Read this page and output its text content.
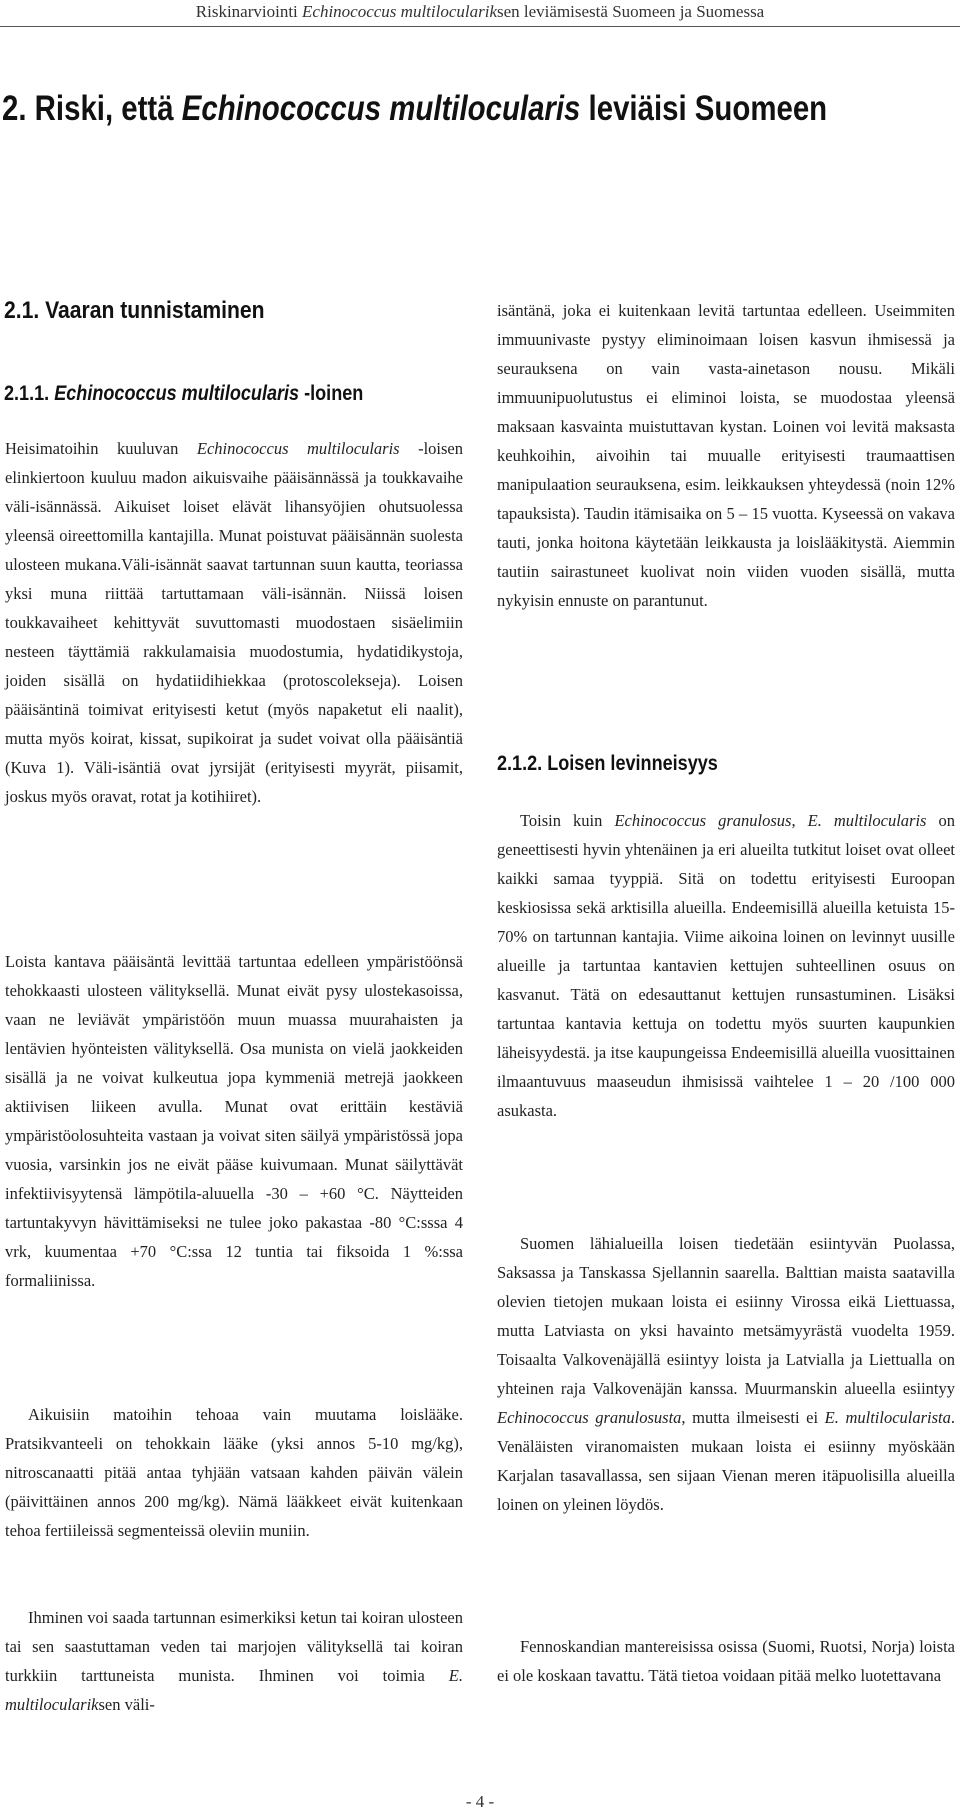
Riskinarviointi Echinococcus multiloculariksen leviämisestä Suomeen ja Suomessa
2. Riski, että Echinococcus multilocularis leviäisi Suomeen
2.1. Vaaran tunnistaminen
2.1.1. Echinococcus multilocularis -loinen

Heisimatoihin kuuluvan Echinococcus multilocularis -loisen elinkiertoon kuuluu madon aikuisvaihe pääisännässä ja toukkavaihe väli-isännässä. Aikuiset loiset elävät lihansyöjien ohutsuolessa yleensä oireettomilla kantajilla. Munat poistuvat pääisännän suolesta ulosteen mukana.Väli-isännät saavat tartunnan suun kautta, teoriassa yksi muna riittää tartuttamaan väli-isännän. Niissä loisen toukkavaiheet kehittyvät suvuttomasti muodostaen sisäelimiin nesteen täyttämiä rakkulamaisia muodostumia, hydatidikystoja, joiden sisällä on hydatiidihiekkaa (protoscolekseja). Loisen pääisäntinä toimivat erityisesti ketut (myös napaketut eli naalit), mutta myös koirat, kissat, supikoirat ja sudet voivat olla pääisäntiä (Kuva 1). Väli-isäntiä ovat jyrsijät (erityisesti myyrät, piisamit, joskus myös oravat, rotat ja kotihiiret).

Loista kantava pääisäntä levittää tartuntaa edelleen ympäristöönsä tehokkaasti ulosteen välityksellä. Munat eivät pysy ulostekasoissa, vaan ne leviävät ympäristöön muun muassa muurahaisten ja lentävien hyönteisten välityksellä. Osa munista on vielä jaokkeiden sisällä ja ne voivat kulkeutua jopa kymmeniä metrejä jaokkeen aktiivisen liikeen avulla. Munat ovat erittäin kestäviä ympäristöolosuhteita vastaan ja voivat siten säilyä ympäristössä jopa vuosia, varsinkin jos ne eivät pääse kuivumaan. Munat säilyttävät infektiivisyytensä lämpötila-aluuella -30 – +60 °C. Näytteiden tartuntakyvyn hävittämiseksi ne tulee joko pakastaa -80 °C:sssa 4 vrk, kuumentaa +70 °C:ssa 12 tuntia tai fiksoida 1 %:ssa formaliinissa.

Aikuisiin matoihin tehoaa vain muutama loislääke. Pratsikvanteeli on tehokkain lääke (yksi annos 5-10 mg/kg), nitroscanaatti pitää antaa tyhjään vatsaan kahden päivän välein (päivittäinen annos 200 mg/kg). Nämä lääkkeet eivät kuitenkaan tehoa fertiileissä segmenteissä oleviin muniin.

Ihminen voi saada tartunnan esimerkiksi ketun tai koiran ulosteen tai sen saastuttaman veden tai marjojen välityksellä tai koiran turkkiin tarttuneista munista. Ihminen voi toimia E. multiloculariksen väli-

isäntänä, joka ei kuitenkaan levitä tartuntaa edelleen. Useimmiten immuunivaste pystyy eliminoimaan loisen kasvun ihmisessä ja seurauksena on vain vasta-ainetason nousu. Mikäli immuunipuolutustus ei eliminoi loista, se muodostaa yleensä maksaan kasvainta muistuttavan kystan. Loinen voi levitä maksasta keuhkoihin, aivoihin tai muualle erityisesti traumaattisen manipulaation seurauksena, esim. leikkauksen yhteydessä (noin 12% tapauksista). Taudin itämisaika on 5 – 15 vuotta. Kyseessä on vakava tauti, jonka hoitona käytetään leikkausta ja loislääkitystä. Aiemmin tautiin sairastuneet kuolivat noin viiden vuoden sisällä, mutta nykyisin ennuste on parantunut.

2.1.2. Loisen levinneisyys

Toisin kuin Echinococcus granulosus, E. multilocularis on geneettisesti hyvin yhtenäinen ja eri alueilta tutkitut loiset ovat olleet kaikki samaa tyyppiä. Sitä on todettu erityisesti Euroopan keskiosissa sekä arktisilla alueilla. Endeemisillä alueilla ketuista 15-70% on tartunnan kantajia. Viime aikoina loinen on levinnyt uusille alueille ja tartuntaa kantavien kettujen suhteellinen osuus on kasvanut. Tätä on edesauttanut kettujen runsastuminen. Lisäksi tartuntaa kantavia kettuja on todettu myös suurten kaupunkien läheisyydestä. ja itse kaupungeissa Endeemisillä alueilla vuosittainen ilmaantuvuus maaseudun ihmisissä vaihtelee 1 – 20 /100 000 asukasta.

Suomen lähialueilla loisen tiedetään esiintyvän Puolassa, Saksassa ja Tanskassa Sjellannin saarella. Balttian maista saatavilla olevien tietojen mukaan loista ei esiinny Virossa eikä Liettuassa, mutta Latviasta on yksi havainto metsämyyrästä vuodelta 1959. Toisaalta Valkovenäjällä esiintyy loista ja Latvialla ja Liettualla on yhteinen raja Valkovenäjän kanssa. Muurmanskin alueella esiintyy Echinococcus granulosusta, mutta ilmeisesti ei E. multilocularista. Venäläisten viranomaisten mukaan loista ei esiinny myöskään Karjalan tasavallassa, sen sijaan Vienan meren itäpuolisilla alueilla loinen on yleinen löydös.

Fennoskandian mantereisissa osissa (Suomi, Ruotsi, Norja) loista ei ole koskaan tavattu. Tätä tietoa voidaan pitää melko luotettavana

- 4 -
